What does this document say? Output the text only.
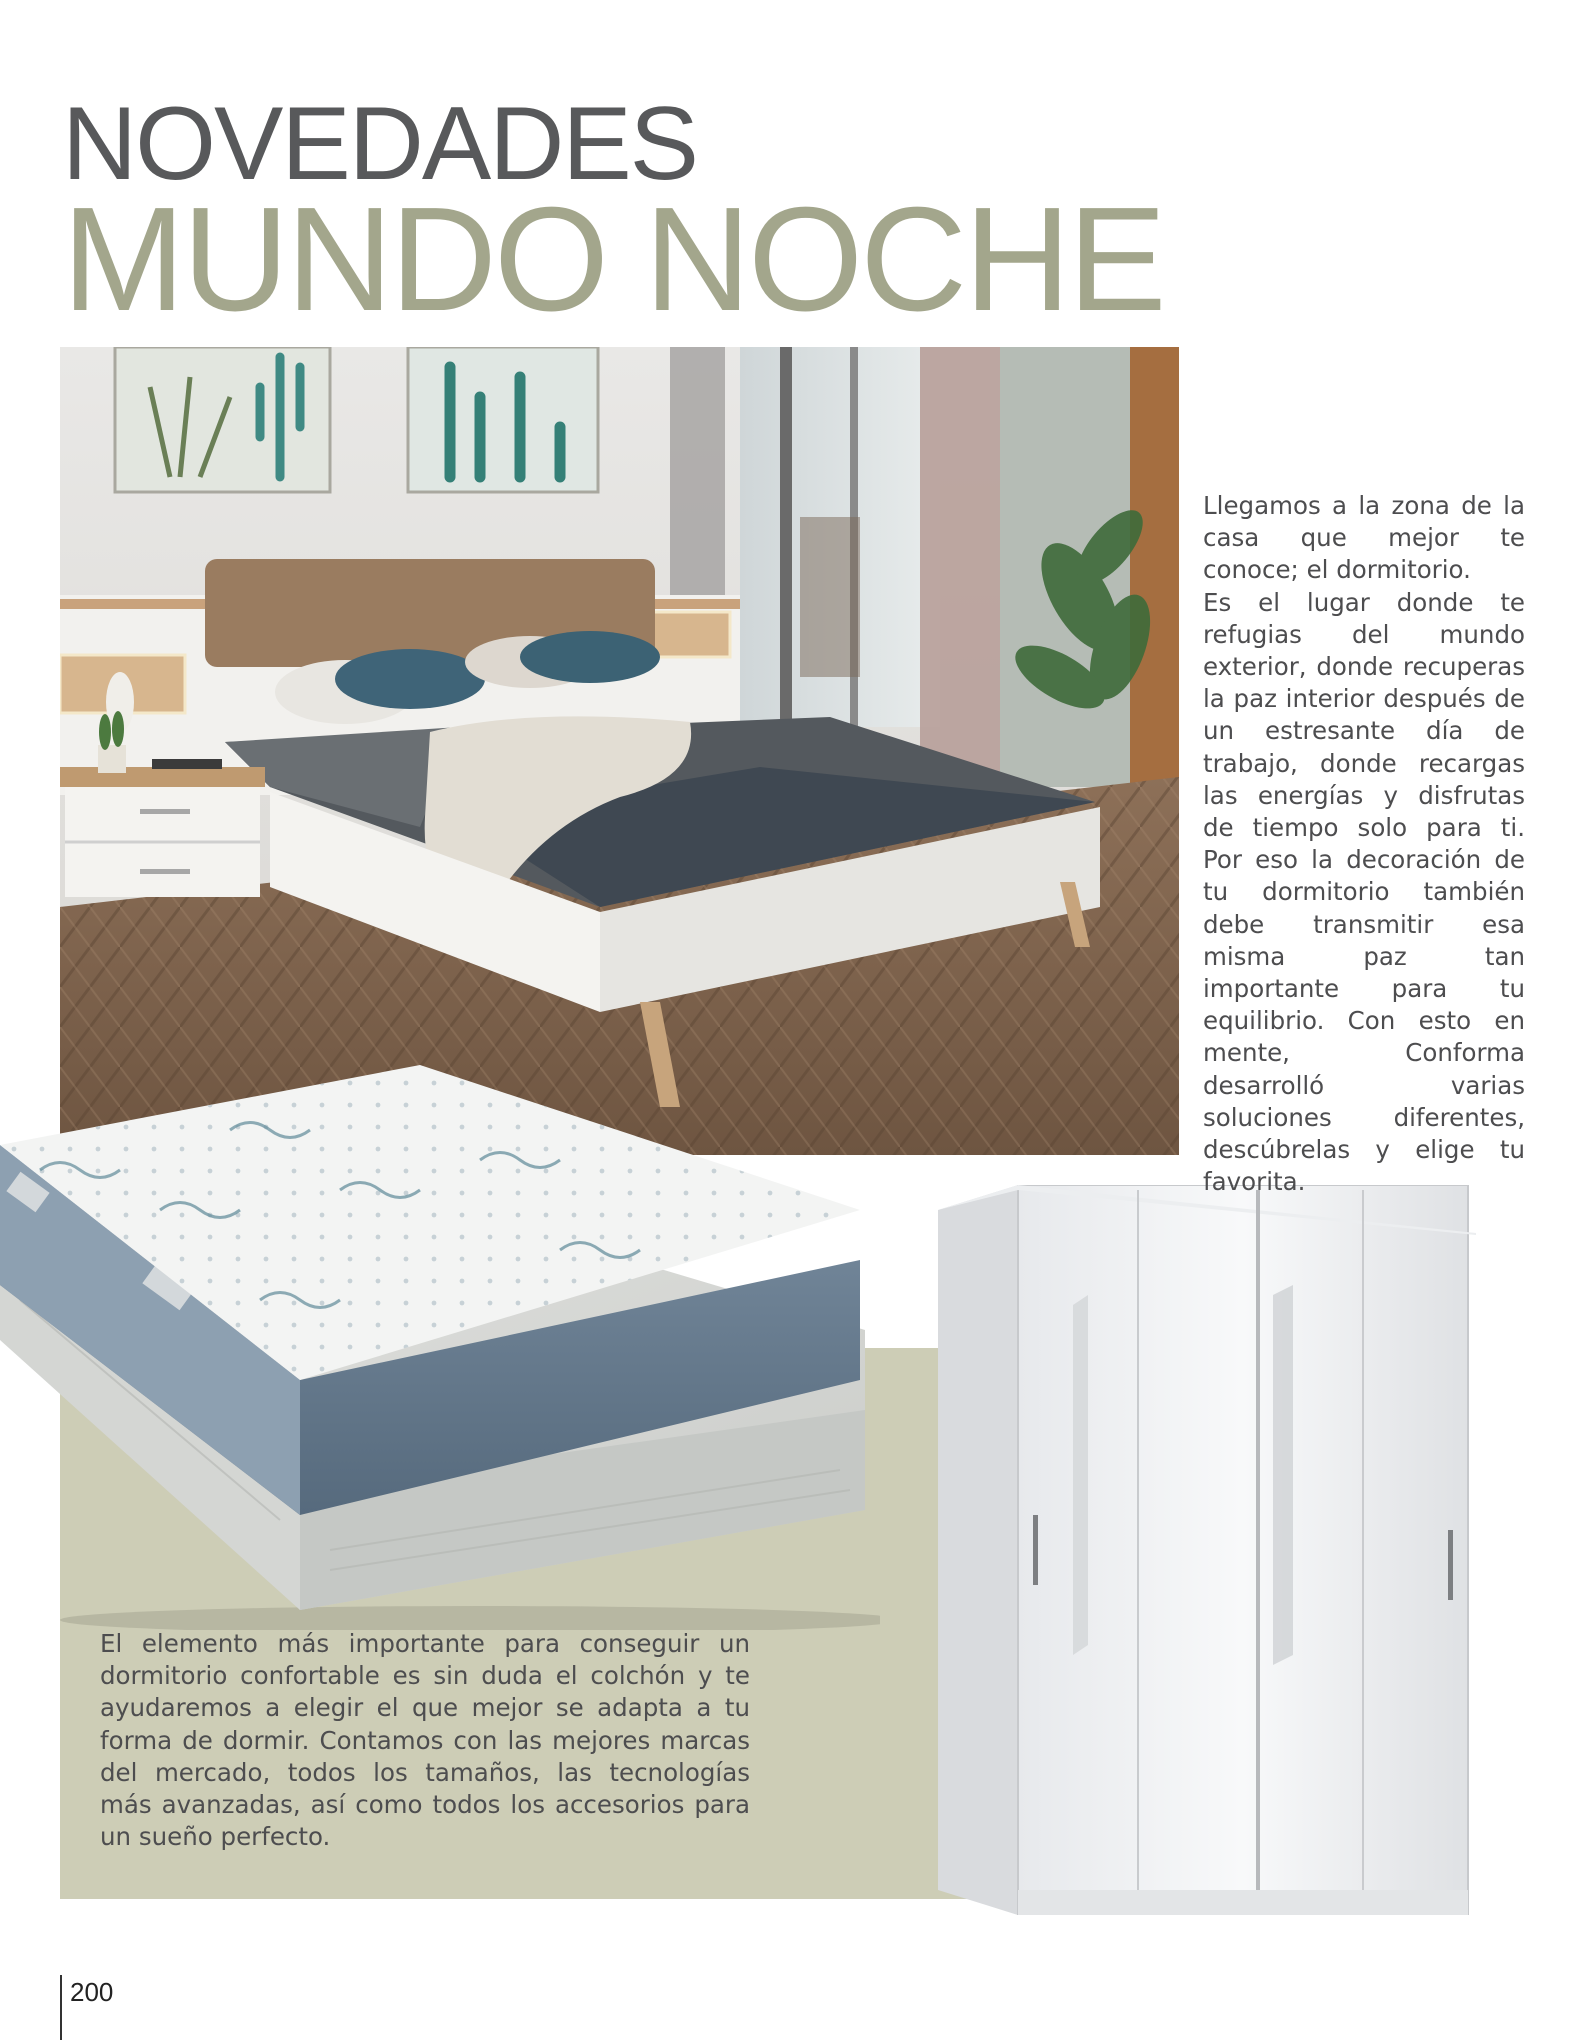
NOVEDADES
MUNDO NOCHE

Llegamos a la zona de la casa que mejor te conoce; el dormitorio.

Es el lugar donde te refugias del mundo exterior, donde recuperas la paz interior después de un estresante día de trabajo, donde recargas las energías y disfrutas de tiempo solo para ti. Por eso la decoración de tu dormitorio también debe transmitir esa misma paz tan importante para tu equilibrio. Con esto en mente, Conforma desarrolló varias soluciones diferentes, descúbrelas y elige tu favorita.

El elemento más importante para conseguir un dormitorio confortable es sin duda el colchón y te ayudaremos a elegir el que mejor se adapta a tu forma de dormir. Contamos con las mejores marcas del mercado, todos los tamaños, las tecnologías más avanzadas, así como todos los accesorios para un sueño perfecto.

200
